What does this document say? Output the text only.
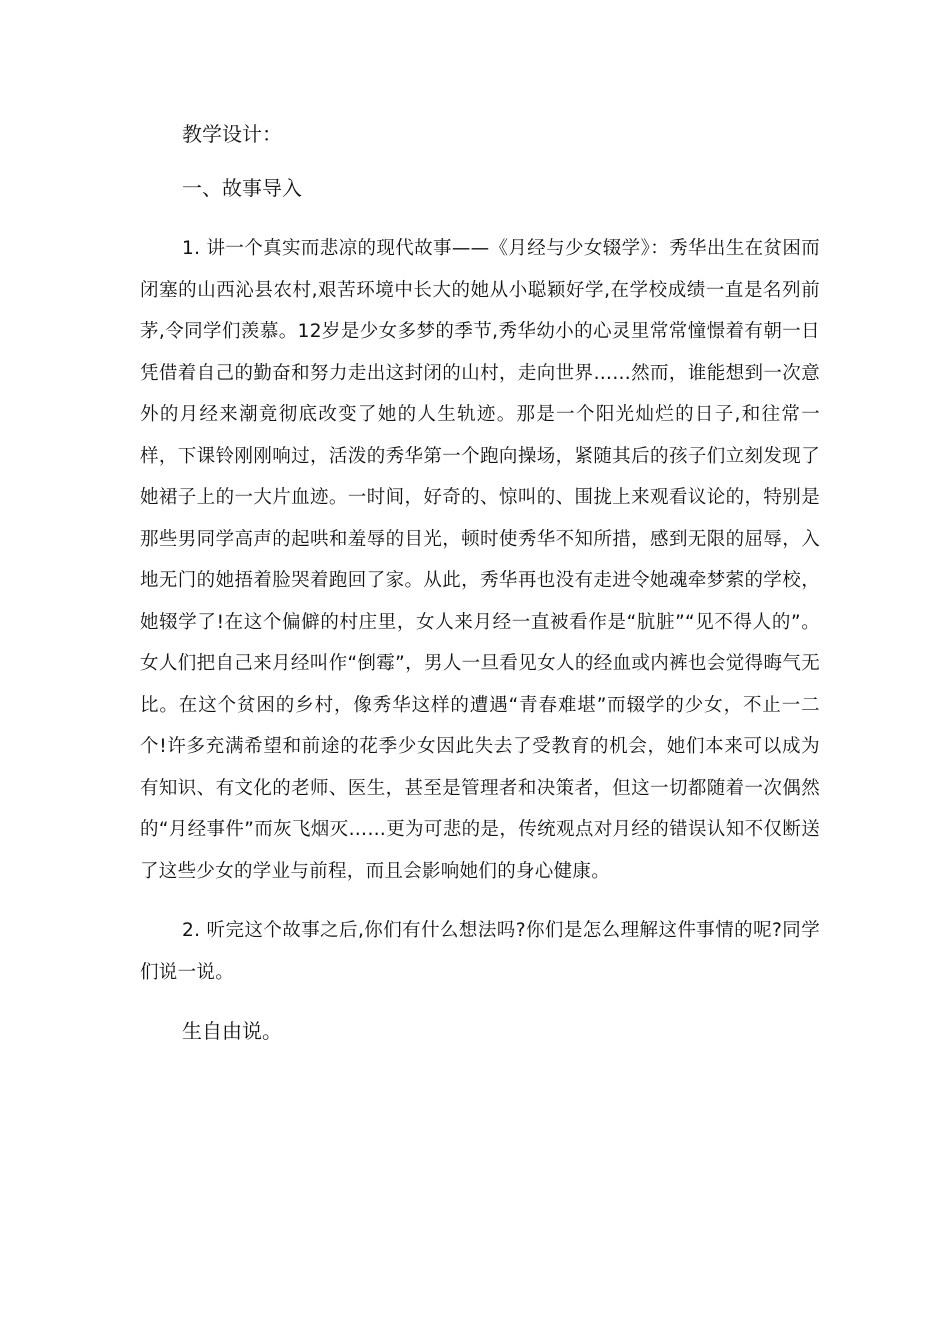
教学设计：

一、故事导入

1. 讲一个真实而悲凉的现代故事——《月经与少女辍学》：秀华出生在贫困而闭塞的山西沁县农村,艰苦环境中长大的她从小聪颖好学,在学校成绩一直是名列前茅,令同学们羡慕。12岁是少女多梦的季节,秀华幼小的心灵里常常憧憬着有朝一日凭借着自己的勤奋和努力走出这封闭的山村，走向世界……然而，谁能想到一次意外的月经来潮竟彻底改变了她的人生轨迹。那是一个阳光灿烂的日子,和往常一样，下课铃刚刚响过，活泼的秀华第一个跑向操场，紧随其后的孩子们立刻发现了她裙子上的一大片血迹。一时间，好奇的、惊叫的、围拢上来观看议论的，特别是那些男同学高声的起哄和羞辱的目光，顿时使秀华不知所措，感到无限的屈辱，入地无门的她捂着脸哭着跑回了家。从此，秀华再也没有走进令她魂牵梦萦的学校，她辍学了!在这个偏僻的村庄里，女人来月经一直被看作是“肮脏”“见不得人的”。女人们把自己来月经叫作“倒霉”，男人一旦看见女人的经血或内裤也会觉得晦气无比。在这个贫困的乡村，像秀华这样的遭遇“青春难堪”而辍学的少女，不止一二个!许多充满希望和前途的花季少女因此失去了受教育的机会，她们本来可以成为有知识、有文化的老师、医生，甚至是管理者和决策者，但这一切都随着一次偶然的“月经事件”而灰飞烟灭……更为可悲的是，传统观点对月经的错误认知不仅断送了这些少女的学业与前程，而且会影响她们的身心健康。

2. 听完这个故事之后,你们有什么想法吗?你们是怎么理解这件事情的呢?同学们说一说。

生自由说。
